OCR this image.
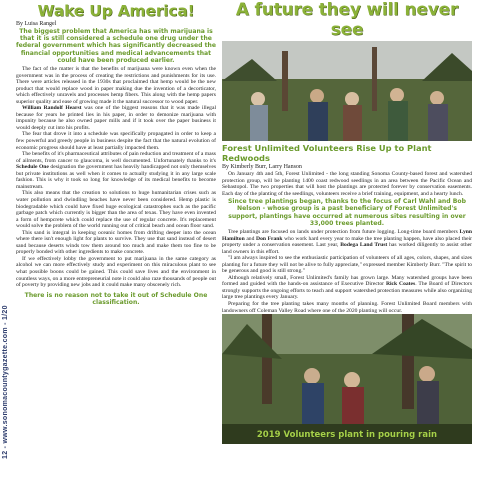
12 - www.sonomacountygazette.com - 1/20
Wake Up America!
By Luisa Rangel
The biggest problem that America has with marijuana is that it is still considered a schedule one drug under the federal government which has significantly decreased the financial opportunities and medical advancements that could have been produced earlier.

The fact of the matter is that the benefits of marijuana were known even when the government was in the process of creating the restrictions and punishments for its use. There were articles released in the 1930s that proclaimed that hemp would be the new product that would replace wood in paper making due the invention of a decorticator, which effectively unravels and processes hemp fibers. This along with the hemp papers superior quality and ease of growing made it the natural successor to wood paper.

William Randolf Hearst was one of the biggest reasons that it was made illegal because for years he printed lies in his paper, in order to demonize marijuana with impunity because he also owned paper mills and if it took over the paper business it would deeply cut into his profits.

The fear that drove it into a schedule was specifically propagated in order to keep a few powerful and greedy people in business despite the fact that the natural evolution of economic progress should have at least partially impacted them.

The benefits of it's pharmaceutical attributes of pain reduction and treatment of a mass of ailments, from cancer to glaucoma, is well documented. Unfortunately thanks to it's Schedule One designation the government has heavily handicapped not only themselves but private institutions as well when it comes to actually studying it in any large scale fashion. This is why it took so long for knowledge of its medical benefits to become mainstream.

This also means that the creation to solutions to huge humanitarian crises such as water pollution and dwindling beaches have never been considered. Hemp plastic is biodegradable which could have fixed huge ecological catastrophes such as the pacific garbage patch which currently is bigger than the area of texas. They have even invented a form of hempcrete which could replace the use of regular concrete. It's replacement would solve the problem of the world running out of critical beach and ocean floor sand.

This sand is integral in keeping oceanic homes from drifting deeper into the ocean where there isn't enough light for plants to survive. They use that sand instead of desert sand because deserts winds tow them around too much and make them too fine to be properly bonded with other ingredients to make concrete.

If we effectively lobby the government to put marijuana in the same category as alcohol we can more effectively study and experiment on this miraculous plant to see what possible boons could be gained. This could save lives and the environment in countless ways, on a more entrepreneurial note it could also raze thousands of people out of poverty by providing new jobs and it could make many obscenely rich.

There is no reason not to take it out of Schedule One classification.
A future they will never see
Forest Unlimited Volunteers Rise Up to Plant Redwoods
By Kimberly Burr, Larry Hanson

On January 4th and 5th, Forest Unlimited - the long standing Sonoma County-based forest and watershed protection group, will be planting 1400 coast redwood seedlings in an area between the Pacific Ocean and Sebastopol. The two properties that will host the plantings are protected forever by conservation easements. Each day of the planting of the seedlings, volunteers receive a brief training, equipment, and a hearty lunch.

Since tree plantings began, thanks to the focus of Carl Wahl and Bob Nelson - whose group is a past beneficiary of Forest Unlimited's support, plantings have occurred at numerous sites resulting in over 33,000 trees planted.

Tree plantings are focused on lands under protection from future logging. Long-time board members Lynn Hamilton and Don Frank who work hard every year to make the tree planting happen, have also placed their property under a conservation easement. Last year, Bodega Land Trust has worked diligently to assist other land owners in this effort.

"I am always inspired to see the enthusiastic participation of volunteers of all ages, colors, shapes, and sizes planting for a future they will not be alive to fully appreciate," expressed member Kimberly Burr. "The spirit to be generous and good is still strong."

Although relatively small, Forest Unlimited's family has grown large. Many watershed groups have been formed and guided with the hands-on assistance of Executive Director Rick Coates. The Board of Directors strongly supports the ongoing efforts to teach and support watershed protection measures while also organizing large tree plantings every January.

Preparing for the tree planting takes many months of planning. Forest Unlimited Board members with landowners off Coleman Valley Road where one of the 2020 planting will occur.

2019 Volunteers plant in pouring rain
